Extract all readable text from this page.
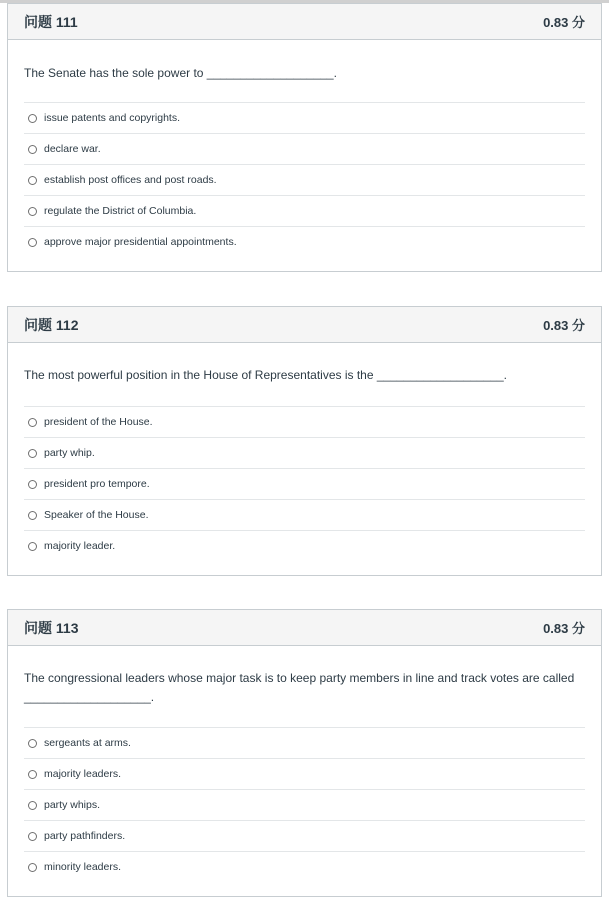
问题 111	0.83 分
The Senate has the sole power to ___________________.
issue patents and copyrights.
declare war.
establish post offices and post roads.
regulate the District of Columbia.
approve major presidential appointments.
问题 112	0.83 分
The most powerful position in the House of Representatives is the ___________________.
president of the House.
party whip.
president pro tempore.
Speaker of the House.
majority leader.
问题 113	0.83 分
The congressional leaders whose major task is to keep party members in line and track votes are called ___________________.
sergeants at arms.
majority leaders.
party whips.
party pathfinders.
minority leaders.
